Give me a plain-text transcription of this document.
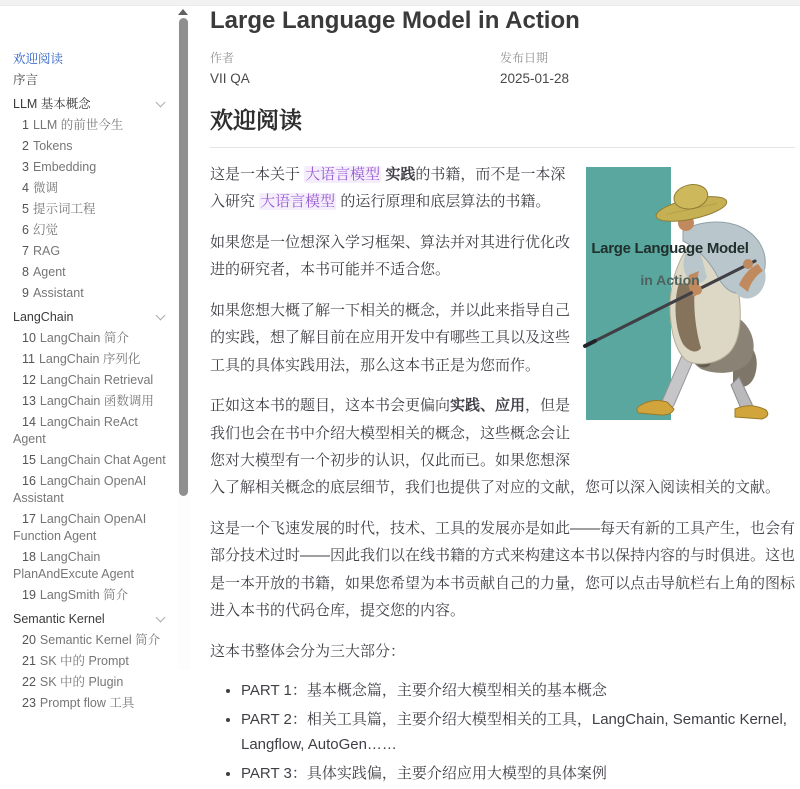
欢迎阅读
序言
LLM 基本概念
1 LLM 的前世今生
2 Tokens
3 Embedding
4 微调
5 提示词工程
6 幻觉
7 RAG
8 Agent
9 Assistant
LangChain
10 LangChain 简介
11 LangChain 序列化
12 LangChain Retrieval
13 LangChain 函数调用
14 LangChain ReAct Agent
15 LangChain Chat Agent
16 LangChain OpenAI Assistant
17 LangChain OpenAI Function Agent
18 LangChain PlanAndExcute Agent
19 LangSmith 简介
Semantic Kernel
20 Semantic Kernel 简介
21 SK 中的 Prompt
22 SK 中的 Plugin
23 Prompt flow 工具
Large Language Model in Action
作者
VII QA
发布日期
2025-01-28
欢迎阅读
Large Language Model
in Action

这是一本关于 大语言模型 实践的书籍，而不是一本深入研究 大语言模型 的运行原理和底层算法的书籍。

如果您是一位想深入学习框架、算法并对其进行优化改进的研究者，本书可能并不适合您。

如果您想大概了解一下相关的概念，并以此来指导自己的实践，想了解目前在应用开发中有哪些工具以及这些工具的具体实践用法，那么这本书正是为您而作。

正如这本书的题目，这本书会更偏向实践、应用，但是我们也会在书中介绍大模型相关的概念，这些概念会让您对大模型有一个初步的认识，仅此而已。如果您想深入了解相关概念的底层细节，我们也提供了对应的文献，您可以深入阅读相关的文献。

这是一个飞速发展的时代，技术、工具的发展亦是如此——每天有新的工具产生，也会有部分技术过时——因此我们以在线书籍的方式来构建这本书以保持内容的与时俱进。这也是一本开放的书籍，如果您希望为本书贡献自己的力量，您可以点击导航栏右上角的图标进入本书的代码仓库，提交您的内容。

这本书整体会分为三大部分：

• PART 1：基本概念篇，主要介绍大模型相关的基本概念
• PART 2：相关工具篇，主要介绍大模型相关的工具，LangChain, Semantic Kernel, Langflow, AutoGen……
• PART 3：具体实践偏，主要介绍应用大模型的具体案例
